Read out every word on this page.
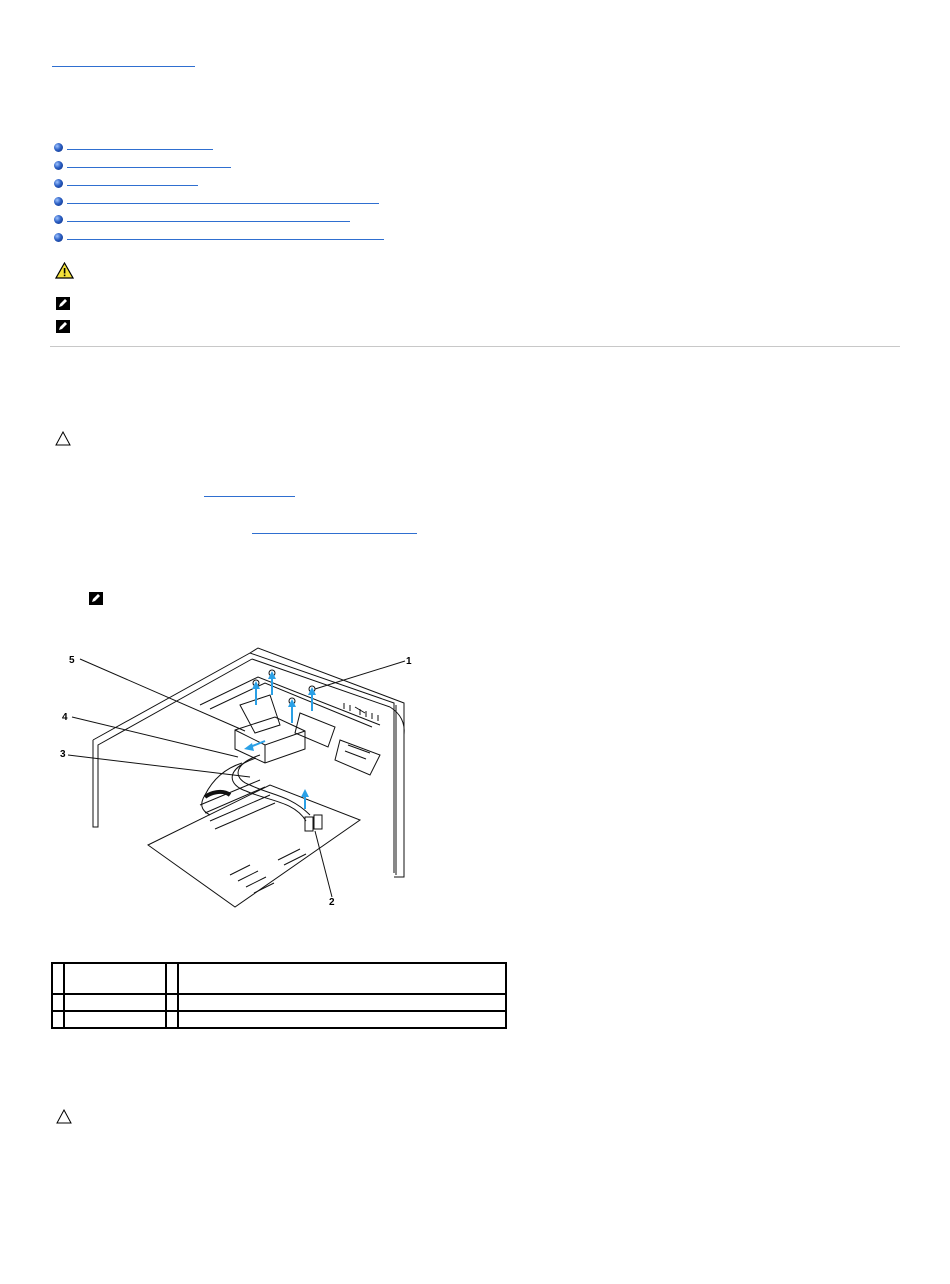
5	1
4
3
2
